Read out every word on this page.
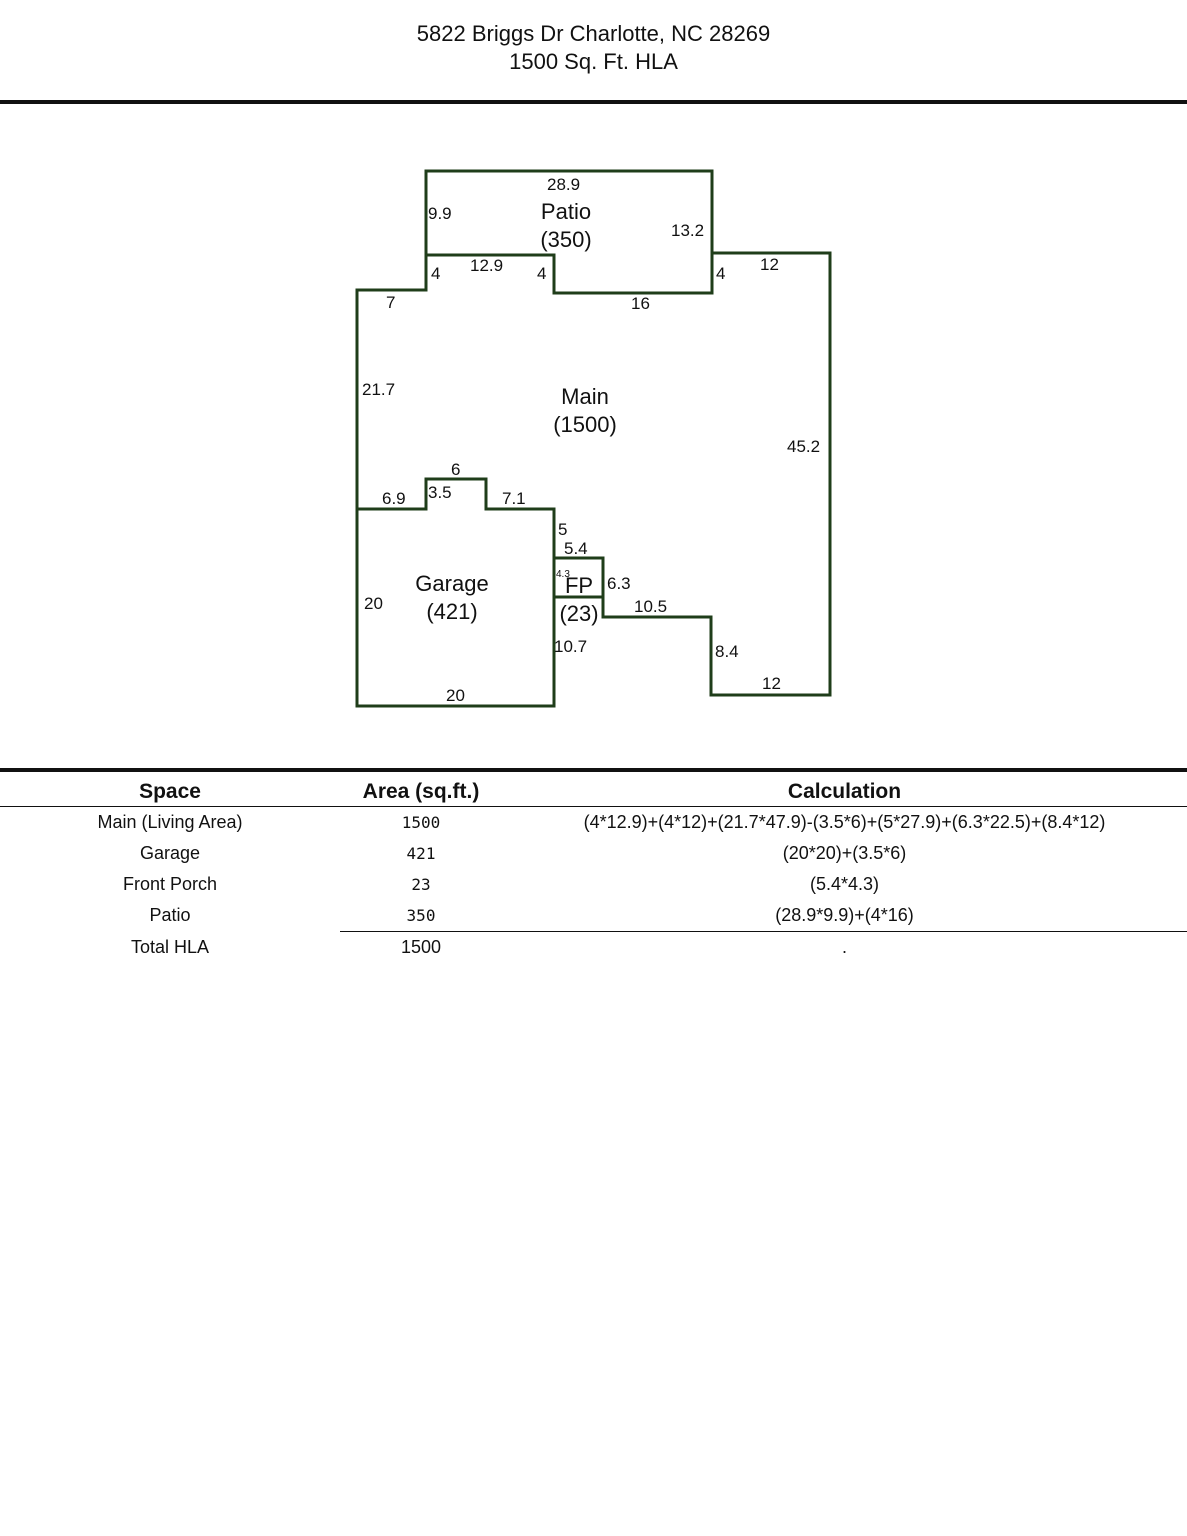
5822 Briggs Dr Charlotte, NC 28269
1500 Sq. Ft. HLA
Patio
(350)
Main
(1500)
Garage
(421)
FP
(23)
28.9
9.9
13.2
12.9
4	4	4 12
16
7
21.7
45.2
6.9 3.5
6
7.1
5
5.4
4.3 6.3
10.5
20
10.7	8.4
12
20
Space	Area (sq.ft.)	Calculation
Main (Living Area)	1500	(4*12.9)+(4*12)+(21.7*47.9)-(3.5*6)+(5*27.9)+(6.3*22.5)+(8.4*12)
Garage	421	(20*20)+(3.5*6)
Front Porch	23	(5.4*4.3)
Patio	350	(28.9*9.9)+(4*16)
Total HLA	1500	.
